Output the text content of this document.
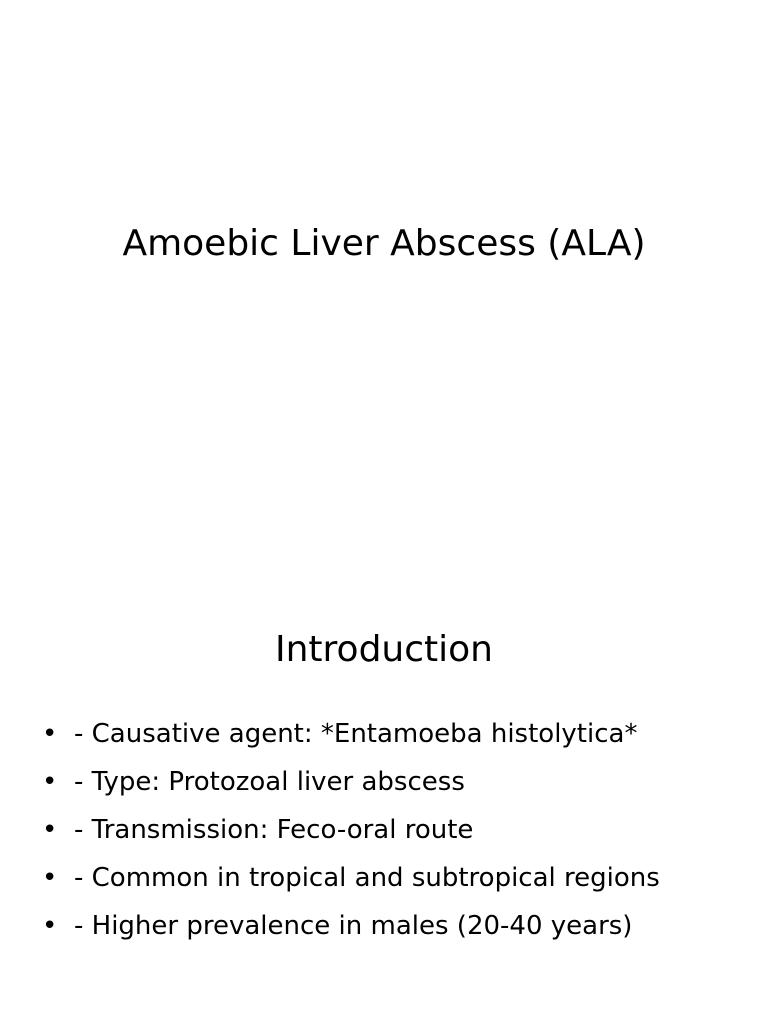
Amoebic Liver Abscess (ALA)
Introduction
• - Causative agent: *Entamoeba histolytica*
• - Type: Protozoal liver abscess
• - Transmission: Feco-oral route
• - Common in tropical and subtropical regions
• - Higher prevalence in males (20-40 years)
